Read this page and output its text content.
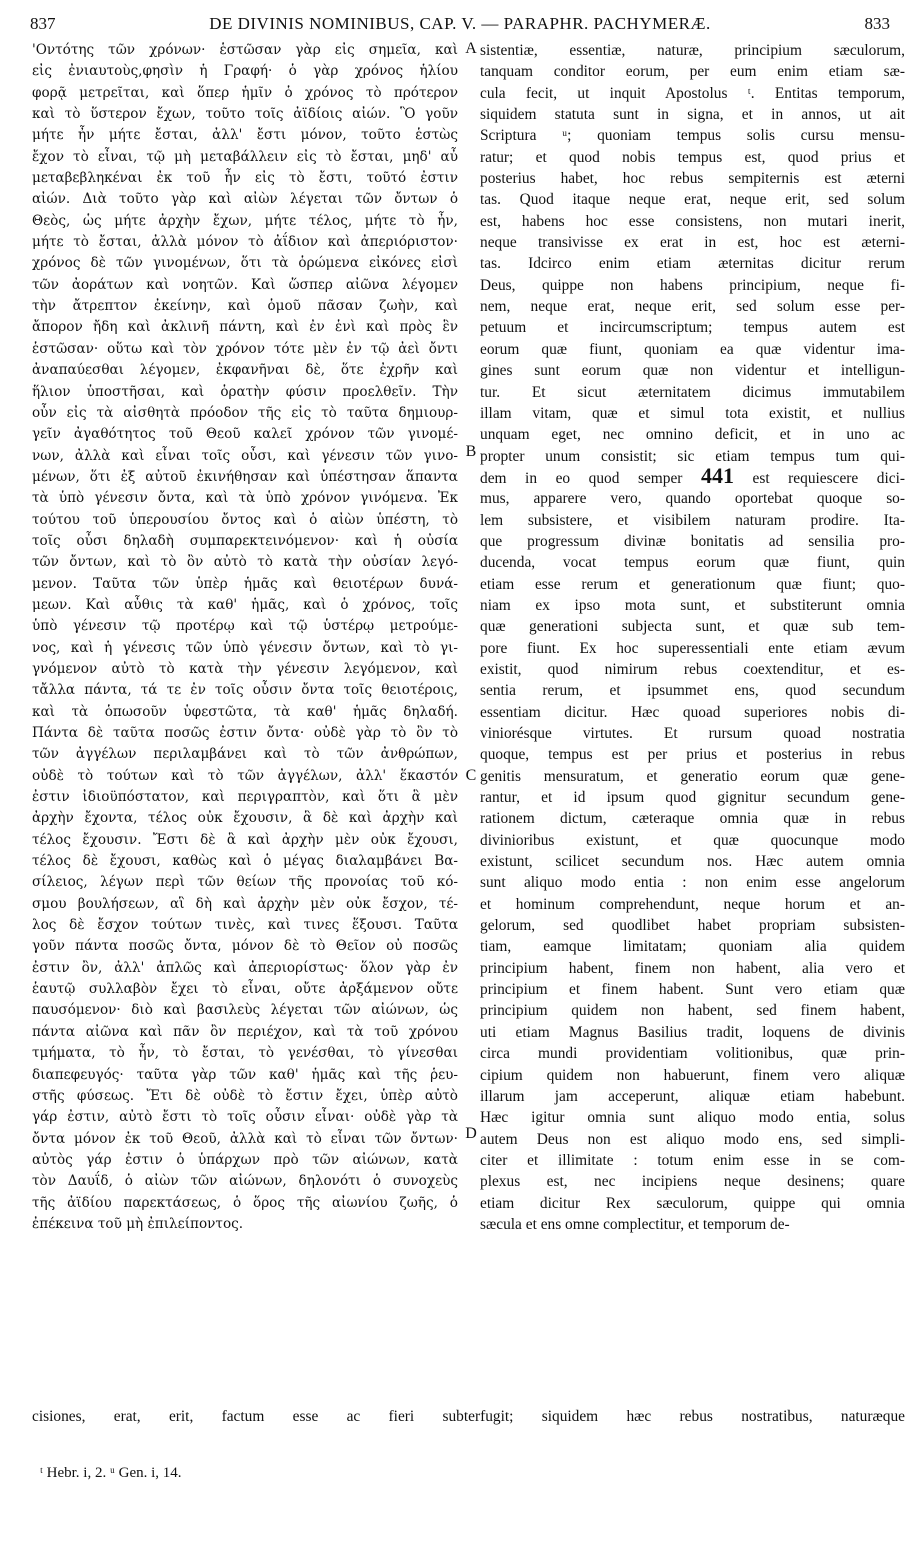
837	DE DIVINIS NOMINIBUS, CAP. V. — PARAPHR. PACHYMERÆ.	833
'Οντότης τῶν χρόνων· ἑστῶσαν γὰρ εἰς σημεῖα, καὶ
εἰς ἐνιαυτοὺς,φησὶν ἡ Γραφή· ὁ γὰρ χρόνος ἡλίου
φορᾷ μετρεῖται, καὶ ὅπερ ἡμῖν ὁ χρόνος τὸ πρότερον
καὶ τὸ ὕστερον ἔχων, τοῦτο τοῖς ἀϊδίοις αἰών. Ὃ γοῦν
μήτε ἦν μήτε ἔσται, ἀλλ' ἔστι μόνον, τοῦτο ἑστὼς
ἔχον τὸ εἶναι, τῷ μὴ μεταβάλλειν εἰς τὸ ἔσται, μηδ' αὖ
μεταβεβληκέναι ἐκ τοῦ ἦν εἰς τὸ ἔστι, τοῦτό ἐστιν
αἰών. Διὰ τοῦτο γὰρ καὶ αἰὼν λέγεται τῶν ὄντων ὁ
Θεὸς, ὡς μήτε ἀρχὴν ἔχων, μήτε τέλος, μήτε τὸ ἦν,
μήτε τὸ ἔσται, ἀλλὰ μόνον τὸ ἀΐδιον καὶ ἀπεριόριστον·
χρόνος δὲ τῶν γινομένων, ὅτι τὰ ὁρώμενα εἰκόνες εἰσὶ
τῶν ἀοράτων καὶ νοητῶν. Καὶ ὥσπερ αἰῶνα λέγομεν
τὴν ἄτρεπτον ἐκείνην, καὶ ὁμοῦ πᾶσαν ζωὴν, καὶ
ἄπορον ἤδη καὶ ἀκλινῆ πάντη, καὶ ἐν ἑνὶ καὶ πρὸς ἓν
ἑστῶσαν· οὕτω καὶ τὸν χρόνον τότε μὲν ἐν τῷ ἀεὶ ὄντι
ἀναπαύεσθαι λέγομεν, ἐκφανῆναι δὲ, ὅτε ἐχρῆν καὶ
ἥλιον ὑποστῆσαι, καὶ ὁρατὴν φύσιν προελθεῖν. Τὴν
οὖν εἰς τὰ αἰσθητὰ πρόοδον τῆς εἰς τὸ ταῦτα δημιουρ-
γεῖν ἀγαθότητος τοῦ Θεοῦ καλεῖ χρόνον τῶν γινομέ-
νων, ἀλλὰ καὶ εἶναι τοῖς οὖσι, καὶ γένεσιν τῶν γινο-
μένων, ὅτι ἐξ αὐτοῦ ἐκινήθησαν καὶ ὑπέστησαν ἅπαντα
τὰ ὑπὸ γένεσιν ὄντα, καὶ τὰ ὑπὸ χρόνον γινόμενα. Ἐκ
τούτου τοῦ ὑπερουσίου ὄντος καὶ ὁ αἰὼν ὑπέστη, τὸ
τοῖς οὖσι δηλαδὴ συμπαρεκτεινόμενον· καὶ ἡ οὐσία
τῶν ὄντων, καὶ τὸ ὂν αὐτὸ τὸ κατὰ τὴν οὐσίαν λεγό-
μενον. Ταῦτα τῶν ὑπὲρ ἡμᾶς καὶ θειοτέρων δυνά-
μεων. Καὶ αὖθις τὰ καθ' ἡμᾶς, καὶ ὁ χρόνος, τοῖς
ὑπὸ γένεσιν τῷ προτέρῳ καὶ τῷ ὑστέρῳ μετρούμε-
νος, καὶ ἡ γένεσις τῶν ὑπὸ γένεσιν ὄντων, καὶ τὸ γι-
γνόμενον αὐτὸ τὸ κατὰ τὴν γένεσιν λεγόμενον, καὶ
τἄλλα πάντα, τά τε ἐν τοῖς οὖσιν ὄντα τοῖς θειοτέροις,
καὶ τὰ ὁπωσοῦν ὑφεστῶτα, τὰ καθ' ἡμᾶς δηλαδή.
Πάντα δὲ ταῦτα ποσῶς ἐστιν ὄντα· οὐδὲ γὰρ τὸ ὂν τὸ
τῶν ἀγγέλων περιλαμβάνει καὶ τὸ τῶν ἀνθρώπων,
οὐδὲ τὸ τούτων καὶ τὸ τῶν ἀγγέλων, ἀλλ' ἕκαστόν
ἐστιν ἰδιοϋπόστατον, καὶ περιγραπτὸν, καὶ ὅτι ἃ μὲν
ἀρχὴν ἔχοντα, τέλος οὐκ ἔχουσιν, ἃ δὲ καὶ ἀρχὴν καὶ
τέλος ἔχουσιν. Ἔστι δὲ ἃ καὶ ἀρχὴν μὲν οὐκ ἔχουσι,
τέλος δὲ ἔχουσι, καθὼς καὶ ὁ μέγας διαλαμβάνει Βα-
σίλειος, λέγων περὶ τῶν θείων τῆς προνοίας τοῦ κό-
σμου βουλήσεων, αἳ δὴ καὶ ἀρχὴν μὲν οὐκ ἔσχον, τέ-
λος δὲ ἔσχον τούτων τινὲς, καὶ τινες ἕξουσι. Ταῦτα
γοῦν πάντα ποσῶς ὄντα, μόνον δὲ τὸ Θεῖον οὐ ποσῶς
ἐστιν ὂν, ἀλλ' ἁπλῶς καὶ ἀπεριορίστως· ὅλον γὰρ ἐν
ἑαυτῷ συλλαβὸν ἔχει τὸ εἶναι, οὔτε ἀρξάμενον οὔτε
παυσόμενον· διὸ καὶ βασιλεὺς λέγεται τῶν αἰώνων, ὡς
πάντα αἰῶνα καὶ πᾶν ὂν περιέχον, καὶ τὰ τοῦ χρόνου
τμήματα, τὸ ἦν, τὸ ἔσται, τὸ γενέσθαι, τὸ γίνεσθαι
διαπεφευγός· ταῦτα γὰρ τῶν καθ' ἡμᾶς καὶ τῆς ῥευ-
στῆς φύσεως. Ἔτι δὲ οὐδὲ τὸ ἔστιν ἔχει, ὑπὲρ αὐτὸ
γάρ ἐστιν, αὐτὸ ἔστι τὸ τοῖς οὖσιν εἶναι· οὐδὲ γὰρ τὰ
ὄντα μόνον ἐκ τοῦ Θεοῦ, ἀλλὰ καὶ τὸ εἶναι τῶν ὄντων·
αὐτὸς γάρ ἐστιν ὁ ὑπάρχων πρὸ τῶν αἰώνων, κατὰ
τὸν Δαυΐδ, ὁ αἰὼν τῶν αἰώνων, δηλονότι ὁ συνοχεὺς
τῆς ἀϊδίου παρεκτάσεως, ὁ ὅρος τῆς αἰωνίου ζωῆς, ὁ
ἐπέκεινα τοῦ μὴ ἐπιλείποντος.
sistentiæ, essentiæ, naturæ, principium sæculorum,
tanquam conditor eorum, per eum enim etiam sæ-
cula fecit, ut inquit Apostolus ᵗ. Entitas temporum,
siquidem statuta sunt in signa, et in annos, ut ait
Scriptura ᵘ; quoniam tempus solis cursu mensu-
ratur; et quod nobis tempus est, quod prius et
posterius habet, hoc rebus sempiternis est æterni
tas. Quod itaque neque erat, neque erit, sed solum
est, habens hoc esse consistens, non mutari inerit,
neque transivisse ex erat in est, hoc est æterni-
tas. Idcirco enim etiam æternitas dicitur rerum
Deus, quippe non habens principium, neque fi-
nem, neque erat, neque erit, sed solum esse per-
petuum et incircumscriptum; tempus autem est
eorum quæ fiunt, quoniam ea quæ videntur ima-
gines sunt eorum quæ non videntur et intelligun-
tur. Et sicut æternitatem dicimus immutabilem
illam vitam, quæ et simul tota existit, et nullius
unquam eget, nec omnino deficit, et in uno ac
propter unum consistit; sic etiam tempus tum qui-
dem in eo quod semper 441 est requiescere dici-
mus, apparere vero, quando oportebat quoque so-
lem subsistere, et visibilem naturam prodire. Ita-
que progressum divinæ bonitatis ad sensilia pro-
ducenda, vocat tempus eorum quæ fiunt, quin
etiam esse rerum et generationum quæ fiunt; quo-
niam ex ipso mota sunt, et substiterunt omnia
quæ generationi subjecta sunt, et quæ sub tem-
pore fiunt. Ex hoc superessentiali ente etiam ævum
existit, quod nimirum rebus coextenditur, et es-
sentia rerum, et ipsummet ens, quod secundum
essentiam dicitur. Hæc quoad superiores nobis di-
viniorésque virtutes. Et rursum quoad nostratia
quoque, tempus est per prius et posterius in rebus
genitis mensuratum, et generatio eorum quæ gene-
rantur, et id ipsum quod gignitur secundum gene-
rationem dictum, cæteraque omnia quæ in rebus
divinioribus existunt, et quæ quocunque modo
existunt, scilicet secundum nos. Hæc autem omnia
sunt aliquo modo entia : non enim esse angelorum
et hominum comprehendunt, neque horum et an-
gelorum, sed quodlibet habet propriam subsisten-
tiam, eamque limitatam; quoniam alia quidem
principium habent, finem non habent, alia vero et
principium et finem habent. Sunt vero etiam quæ
principium quidem non habent, sed finem habent,
uti etiam Magnus Basilius tradit, loquens de divinis
circa mundi providentiam volitionibus, quæ prin-
cipium quidem non habuerunt, finem vero aliquæ
illarum jam acceperunt, aliquæ etiam habebunt.
Hæc igitur omnia sunt aliquo modo entia, solus
autem Deus non est aliquo modo ens, sed simpli-
citer et illimitate : totum enim esse in se com-
plexus est, nec incipiens neque desinens; quare
etiam dicitur Rex sæculorum, quippe qui omnia
sæcula et ens omne complectitur, et temporum de-
A
B
C
D
cisiones, erat, erit, factum esse ac fieri subterfugit; siquidem hæc rebus nostratibus, naturæque
ᵗ Hebr. i, 2. ᵘ Gen. i, 14.
